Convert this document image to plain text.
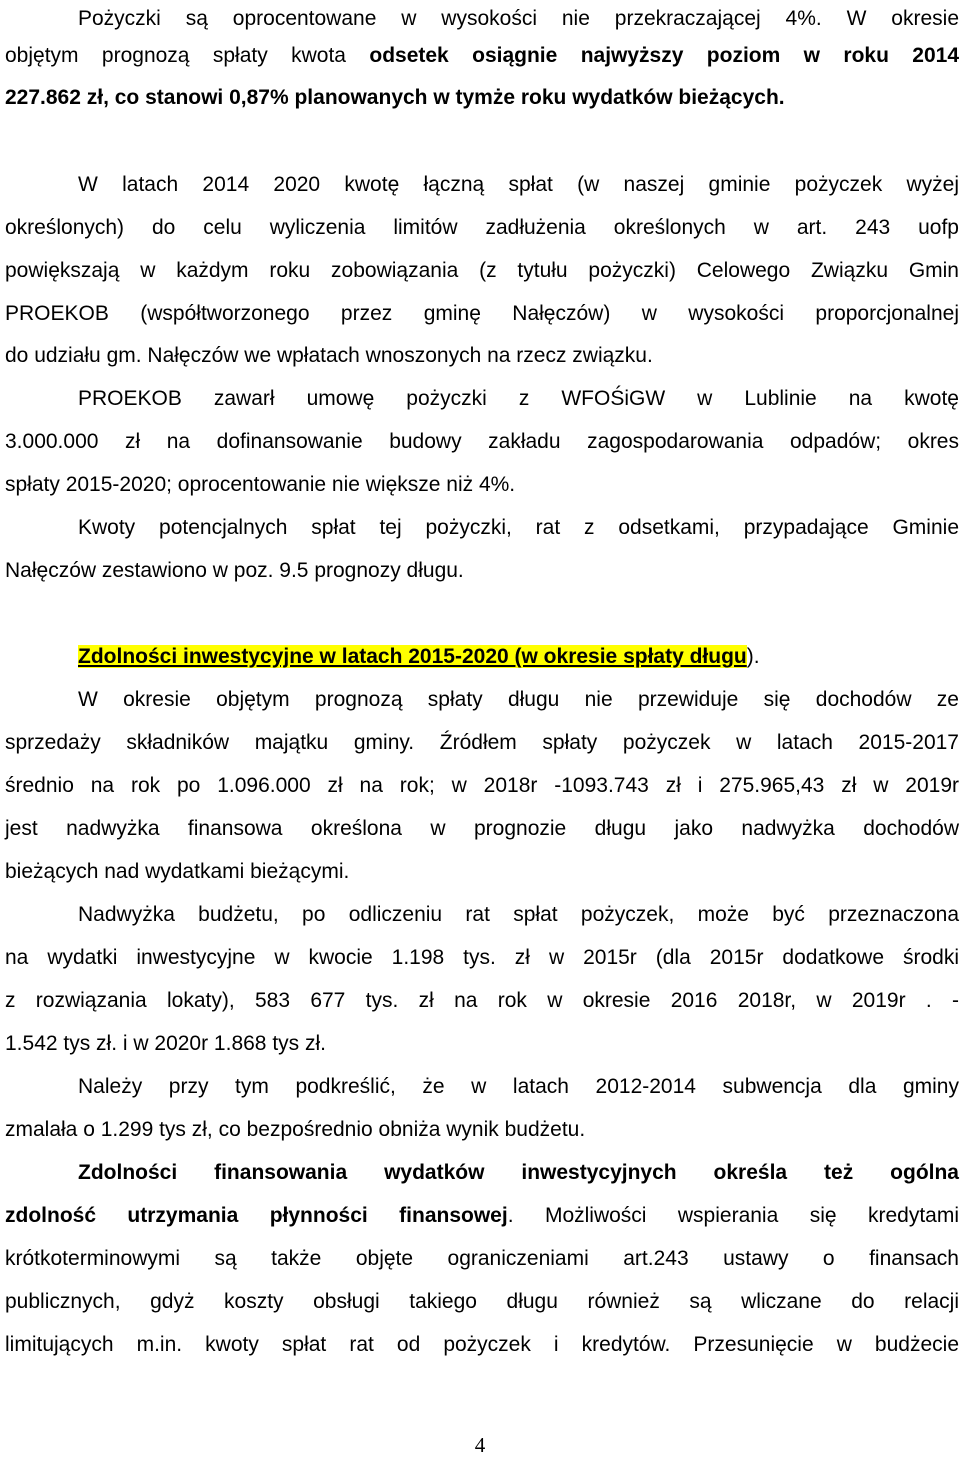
Pożyczki są oprocentowane w wysokości nie przekraczającej 4%. W okresie
objętym prognozą spłaty kwota odsetek osiągnie najwyższy poziom w roku 2014
227.862 zł, co stanowi 0,87% planowanych w tymże roku wydatków bieżących.
W latach 2014 2020 kwotę łączną spłat (w naszej gminie pożyczek wyżej
określonych) do celu wyliczenia limitów zadłużenia określonych w art. 243 uofp
powiększają w każdym roku zobowiązania (z tytułu pożyczki) Celowego Związku Gmin
PROEKOB (współtworzonego przez gminę Nałęczów) w wysokości proporcjonalnej
do udziału gm. Nałęczów we wpłatach wnoszonych na rzecz związku.
PROEKOB zawarł umowę pożyczki z WFOŚiGW w Lublinie na kwotę
3.000.000 zł na dofinansowanie budowy zakładu zagospodarowania odpadów; okres
spłaty 2015-2020; oprocentowanie nie większe niż 4%.
Kwoty potencjalnych spłat tej pożyczki, rat z odsetkami, przypadające Gminie
Nałęczów zestawiono w poz. 9.5 prognozy długu.
Zdolności inwestycyjne w latach 2015-2020 (w okresie spłaty długu).
W okresie objętym prognozą spłaty długu nie przewiduje się dochodów ze
sprzedaży składników majątku gminy. Źródłem spłaty pożyczek w latach 2015-2017
średnio na rok po 1.096.000 zł na rok; w 2018r -1093.743 zł i 275.965,43 zł w 2019r
jest nadwyżka finansowa określona w prognozie długu jako nadwyżka dochodów
bieżących nad wydatkami bieżącymi.
Nadwyżka budżetu, po odliczeniu rat spłat pożyczek, może być przeznaczona
na wydatki inwestycyjne w kwocie 1.198 tys. zł w 2015r (dla 2015r dodatkowe środki
z rozwiązania lokaty), 583 677 tys. zł na rok w okresie 2016 2018r, w 2019r . -
1.542 tys zł. i w 2020r 1.868 tys zł.
Należy przy tym podkreślić, że w latach 2012-2014 subwencja dla gminy
zmalała o 1.299 tys zł, co bezpośrednio obniża wynik budżetu.
Zdolności finansowania wydatków inwestycyjnych określa też ogólna
zdolność utrzymania płynności finansowej. Możliwości wspierania się kredytami
krótkoterminowymi są także objęte ograniczeniami art.243 ustawy o finansach
publicznych, gdyż koszty obsługi takiego długu również są wliczane do relacji
limitujących m.in. kwoty spłat rat od pożyczek i kredytów. Przesunięcie w budżecie
4
